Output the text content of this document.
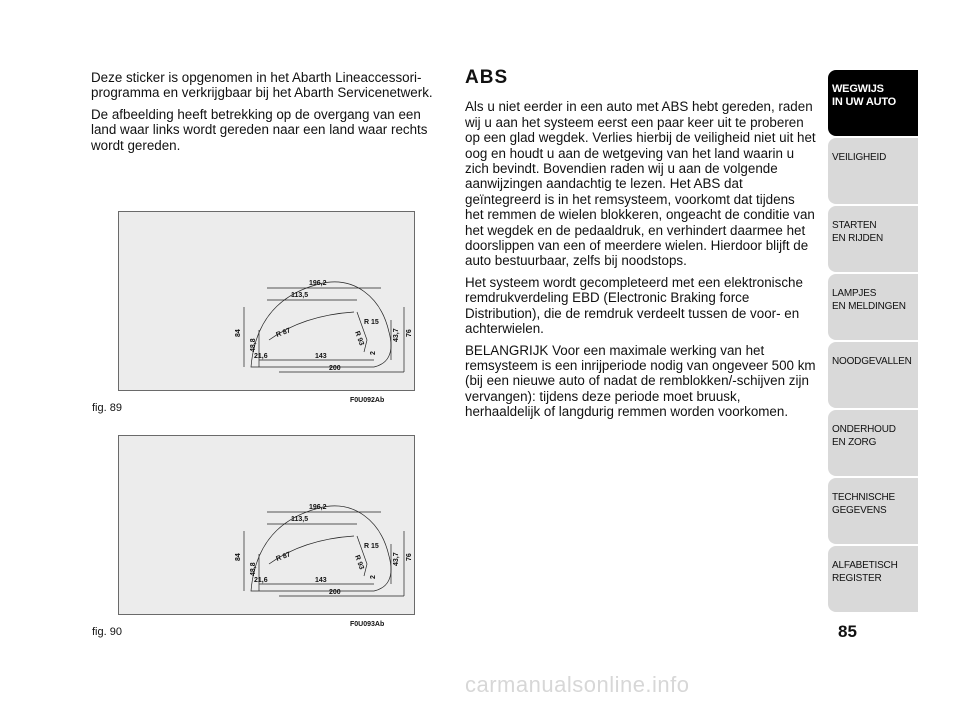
Deze sticker is opgenomen in het Abarth Lineaccessori-programma en verkrijgbaar bij het Abarth Servicenetwerk.

De afbeelding heeft betrekking op de overgang van een land waar links wordt gereden naar een land waar rechts wordt gereden.

196,2
113,5
R 15
R 87	R 93
84
48,8
21,6	143
200
2
43,7 76
fig. 89
F0U092Ab
196,2
113,5
R 15
R 87	R 93
84
48,8
21,6	143
200
2
43,7 76
fig. 90
F0U093Ab
ABS

Als u niet eerder in een auto met ABS hebt gereden, raden wij u aan het systeem eerst een paar keer uit te proberen op een glad wegdek. Verlies hierbij de veiligheid niet uit het oog en houdt u aan de wetgeving van het land waarin u zich bevindt. Bovendien raden wij u aan de volgende aanwijzingen aandachtig te lezen. Het ABS dat geïntegreerd is in het remsysteem, voorkomt dat tijdens het remmen de wielen blokkeren, ongeacht de conditie van het wegdek en de pedaaldruk, en verhindert daarmee het doorslippen van een of meerdere wielen. Hierdoor blijft de auto bestuurbaar, zelfs bij noodstops.

Het systeem wordt gecompleteerd met een elektronische remdrukverdeling EBD (Electronic Braking force Distribution), die de remdruk verdeelt tussen de voor- en achterwielen.

BELANGRIJK Voor een maximale werking van het remsysteem is een inrijperiode nodig van ongeveer 500 km (bij een nieuwe auto of nadat de remblokken/-schijven zijn vervangen): tijdens deze periode moet bruusk, herhaaldelijk of langdurig remmen worden voorkomen.

WEGWIJS
IN UW AUTO
VEILIGHEID
STARTEN
EN RIJDEN
LAMPJES
EN MELDINGEN
NOODGEVALLEN
ONDERHOUD
EN ZORG
TECHNISCHE
GEGEVENS
ALFABETISCH
REGISTER
85
carmanualsonline.info
